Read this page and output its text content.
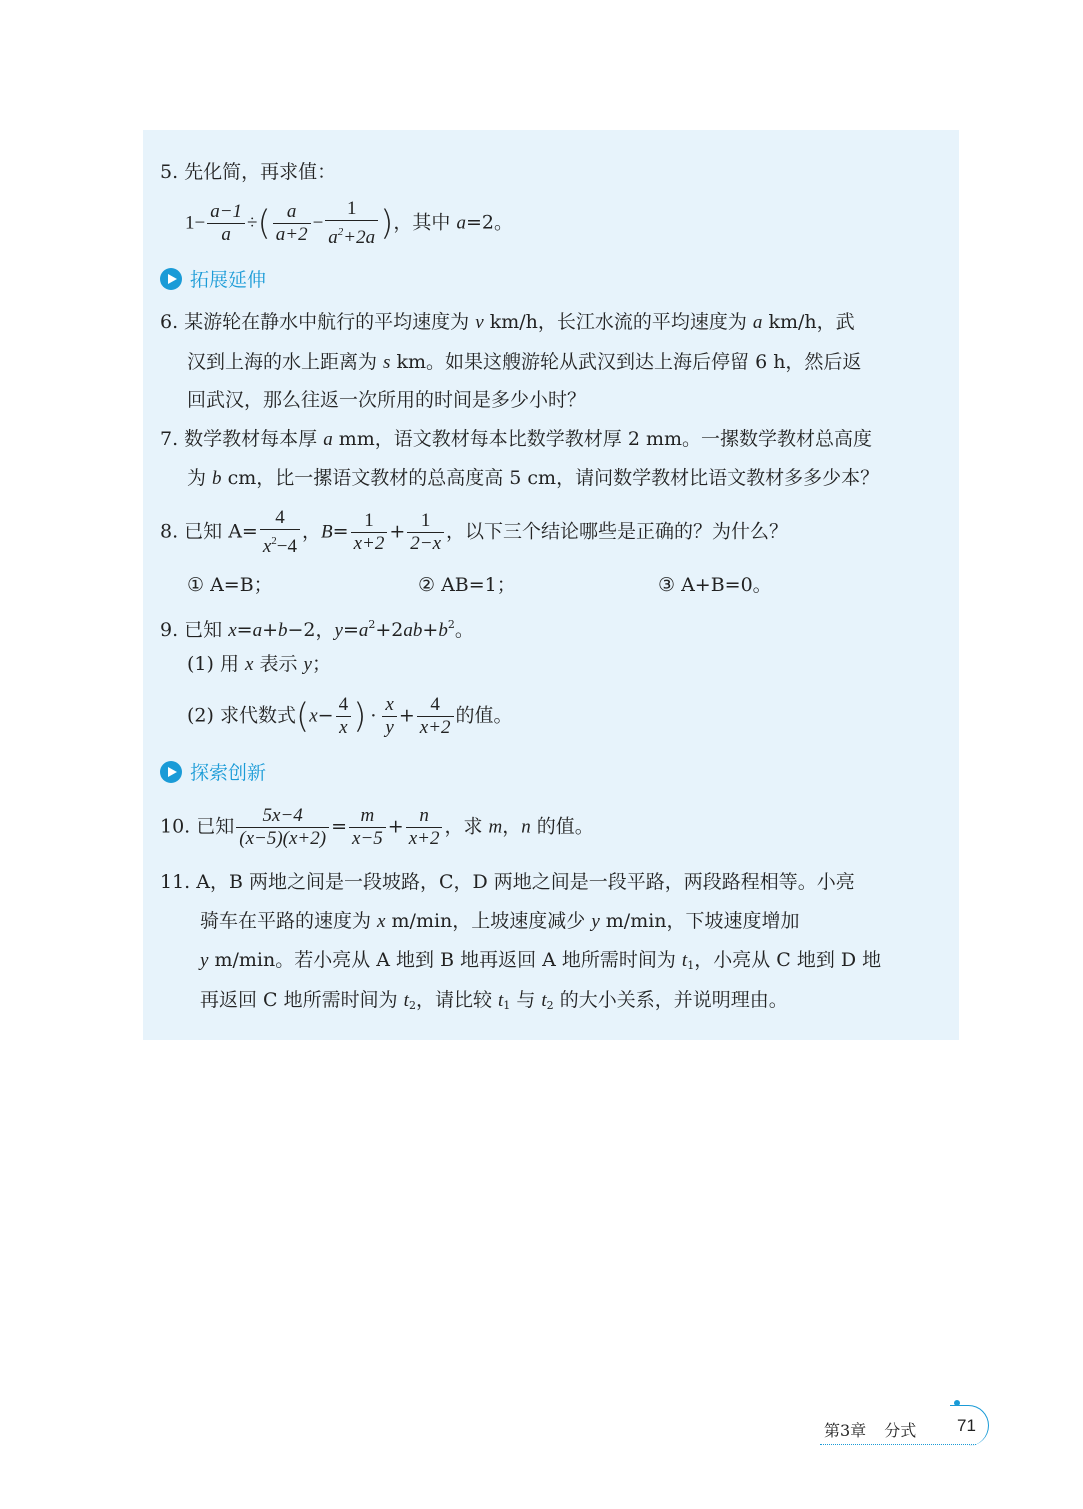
5. 先化简，再求值：
$1- \frac{a-1}{a}$ ÷( $\frac{a}{a+2} - \frac{1}{a^2+2a}$ )，其中 a=2。
拓展延伸
6. 某游轮在静水中航行的平均速度为 v km/h，长江水流的平均速度为 a km/h，武
汉到上海的水上距离为 s km。如果这艘游轮从武汉到达上海后停留 6 h，然后返
回武汉，那么往返一次所用的时间是多少小时？
7. 数学教材每本厚 a mm，语文教材每本比数学教材厚 2 mm。一摞数学教材总高度
为 b cm，比一摞语文教材的总高度高 5 cm，请问数学教材比语文教材多多少本？
8. 已知 $A= \frac{4}{x^2-4}$ ，$B= \frac{1}{x+2} + \frac{1}{2-x}$ ，以下三个结论哪些是正确的？为什么？
① A=B；	② AB=1；	③ A+B=0。
9. 已知 x=a+b−2，$y=a^2+2ab+b^2$。
(1) 用 x 表示 y；
(2) 求代数式($x- \frac{4}{x}$ ) · $\frac{x}{y} + \frac{4}{x+2}$ 的值。
探索创新
10. 已知 $\frac{5x-4}{(x-5)(x+2)} = \frac{m}{x-5} + \frac{n}{x+2}$ ，求 m，n 的值。
11. A，B 两地之间是一段坡路，C，D 两地之间是一段平路，两段路程相等。小亮
骑车在平路的速度为 x m/min，上坡速度减少 y m/min，下坡速度增加
y m/min。若小亮从 A 地到 B 地再返回 A 地所需时间为 $t_1$，小亮从 C 地到 D 地
再返回 C 地所需时间为 $t_2$，请比较 $t_1$ 与 $t_2$ 的大小关系，并说明理由。
第3章 分式 71
